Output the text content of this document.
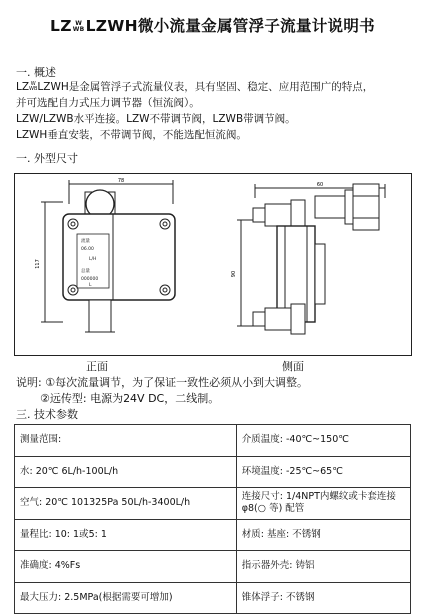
LZ W
WB LZWH微小流量金属管浮子流量计说明书
一. 概述
LZ W
WB LZWH是金属管浮子式流量仪表，具有坚固、稳定、应用范围广的特点，
并可选配自力式压力调节器（恒流阀）。
LZW/LZWB水平连接。LZW不带调节阀，LZWB带调节阀。
LZWH垂直安装，不带调节阀，不能选配恒流阀。
一. 外型尺寸
78
117
60
90
流量
06.00
L/H
总量
000000
L
正面	侧面
说明: ①每次流量调节，为了保证一致性必须从小到大调整。
②远传型: 电源为24V DC，二线制。
三. 技术参数
测量范围:	介质温度: -40℃~150℃
水: 20℃ 6L/h-100L/h	环境温度: -25℃~65℃
空气: 20℃ 101325Pa 50L/h-3400L/h	连接尺寸: 1/4NPT内螺纹或卡套连接 φ8(○ 等) 配管
量程比: 10: 1或5: 1	材质: 基座: 不锈钢
准确度: 4%Fs	指示器外壳: 铸铝
最大压力: 2.5MPa(根据需要可增加)	锥体浮子: 不锈钢
